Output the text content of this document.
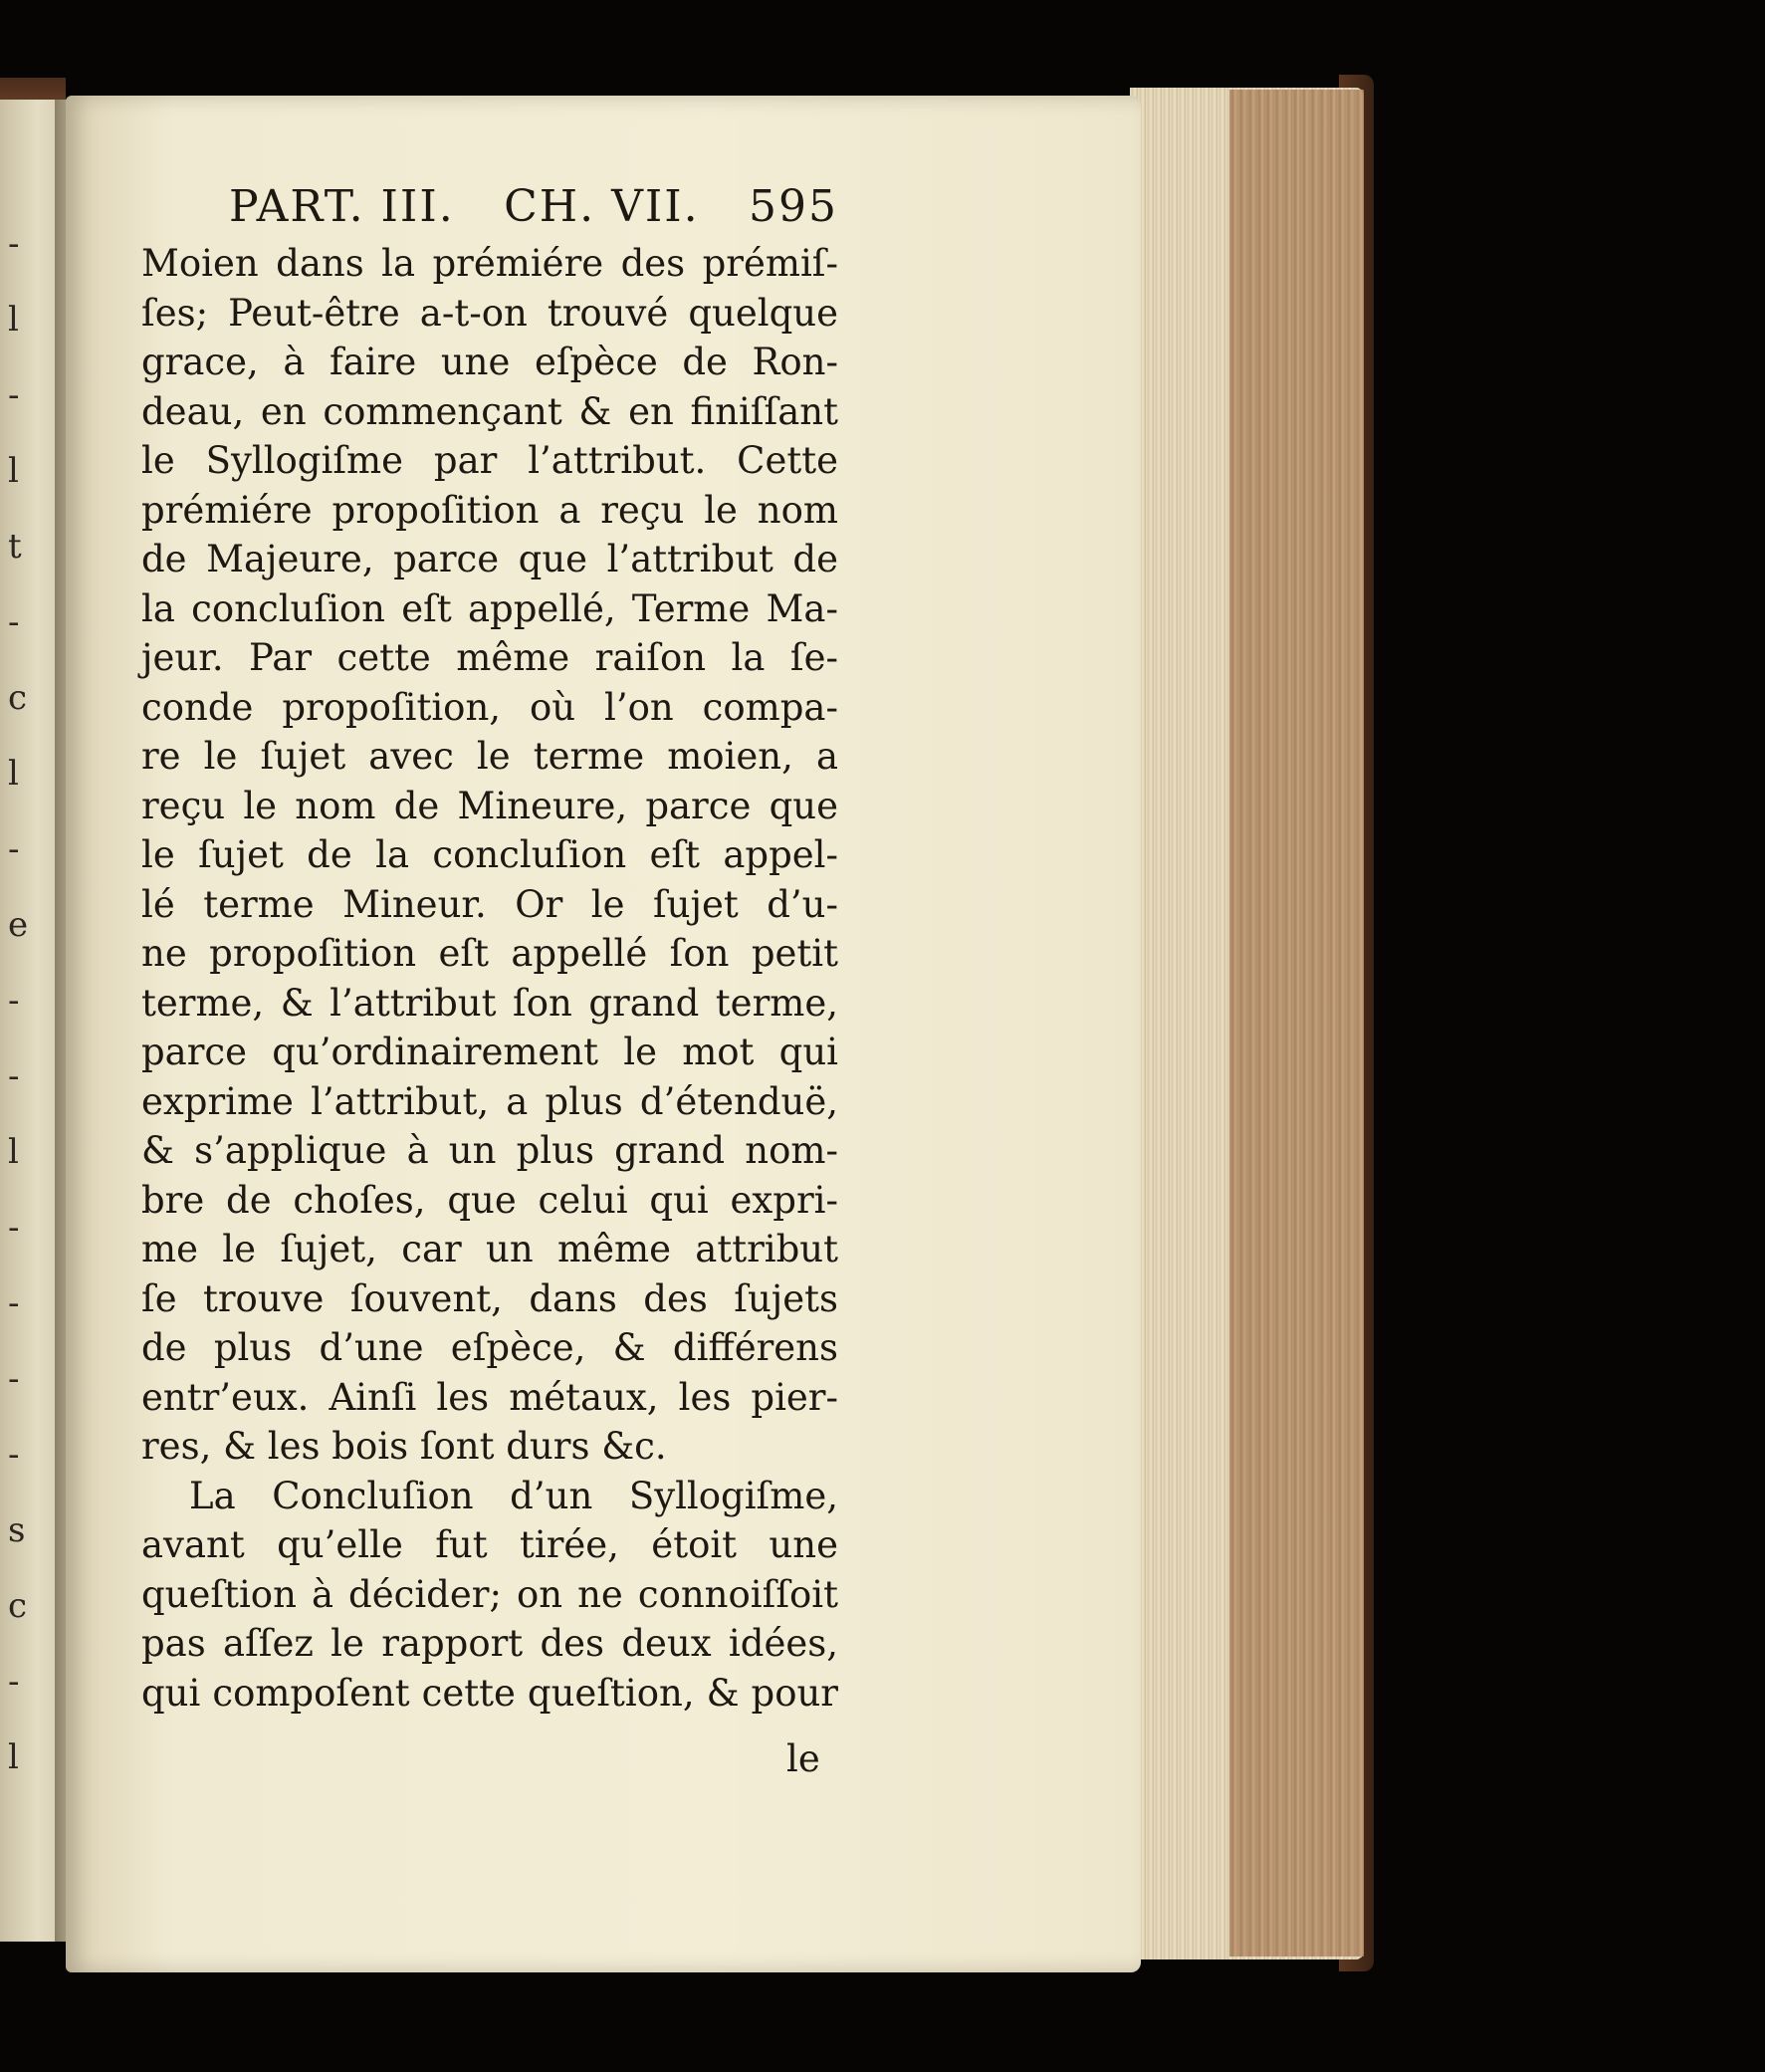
-
l
-
l
t
-
c
l
-
e
-
-
l
-
-
-
-
s
c
-
l
PART. III. CH. VII. 595
Moien dans la prémiére des prémiſ-
ſes; Peut-être a-t-on trouvé quelque
grace, à faire une eſpèce de Ron-
deau, en commençant & en finiſſant
le Syllogiſme par l’attribut. Cette
prémiére propoſition a reçu le nom
de Majeure, parce que l’attribut de
la concluſion eſt appellé, Terme Ma-
jeur. Par cette même raiſon la ſe-
conde propoſition, où l’on compa-
re le ſujet avec le terme moien, a
reçu le nom de Mineure, parce que
le ſujet de la concluſion eſt appel-
lé terme Mineur. Or le ſujet d’u-
ne propoſition eſt appellé ſon petit
terme, & l’attribut ſon grand terme,
parce qu’ordinairement le mot qui
exprime l’attribut, a plus d’étenduë,
& s’applique à un plus grand nom-
bre de choſes, que celui qui expri-
me le ſujet, car un même attribut
ſe trouve ſouvent, dans des ſujets
de plus d’une eſpèce, & différens
entr’eux. Ainſi les métaux, les pier-
res, & les bois ſont durs &c.
La Concluſion d’un Syllogiſme,
avant qu’elle fut tirée, étoit une
queſtion à décider; on ne connoiſſoit
pas aſſez le rapport des deux idées,
qui compoſent cette queſtion, & pour
le
